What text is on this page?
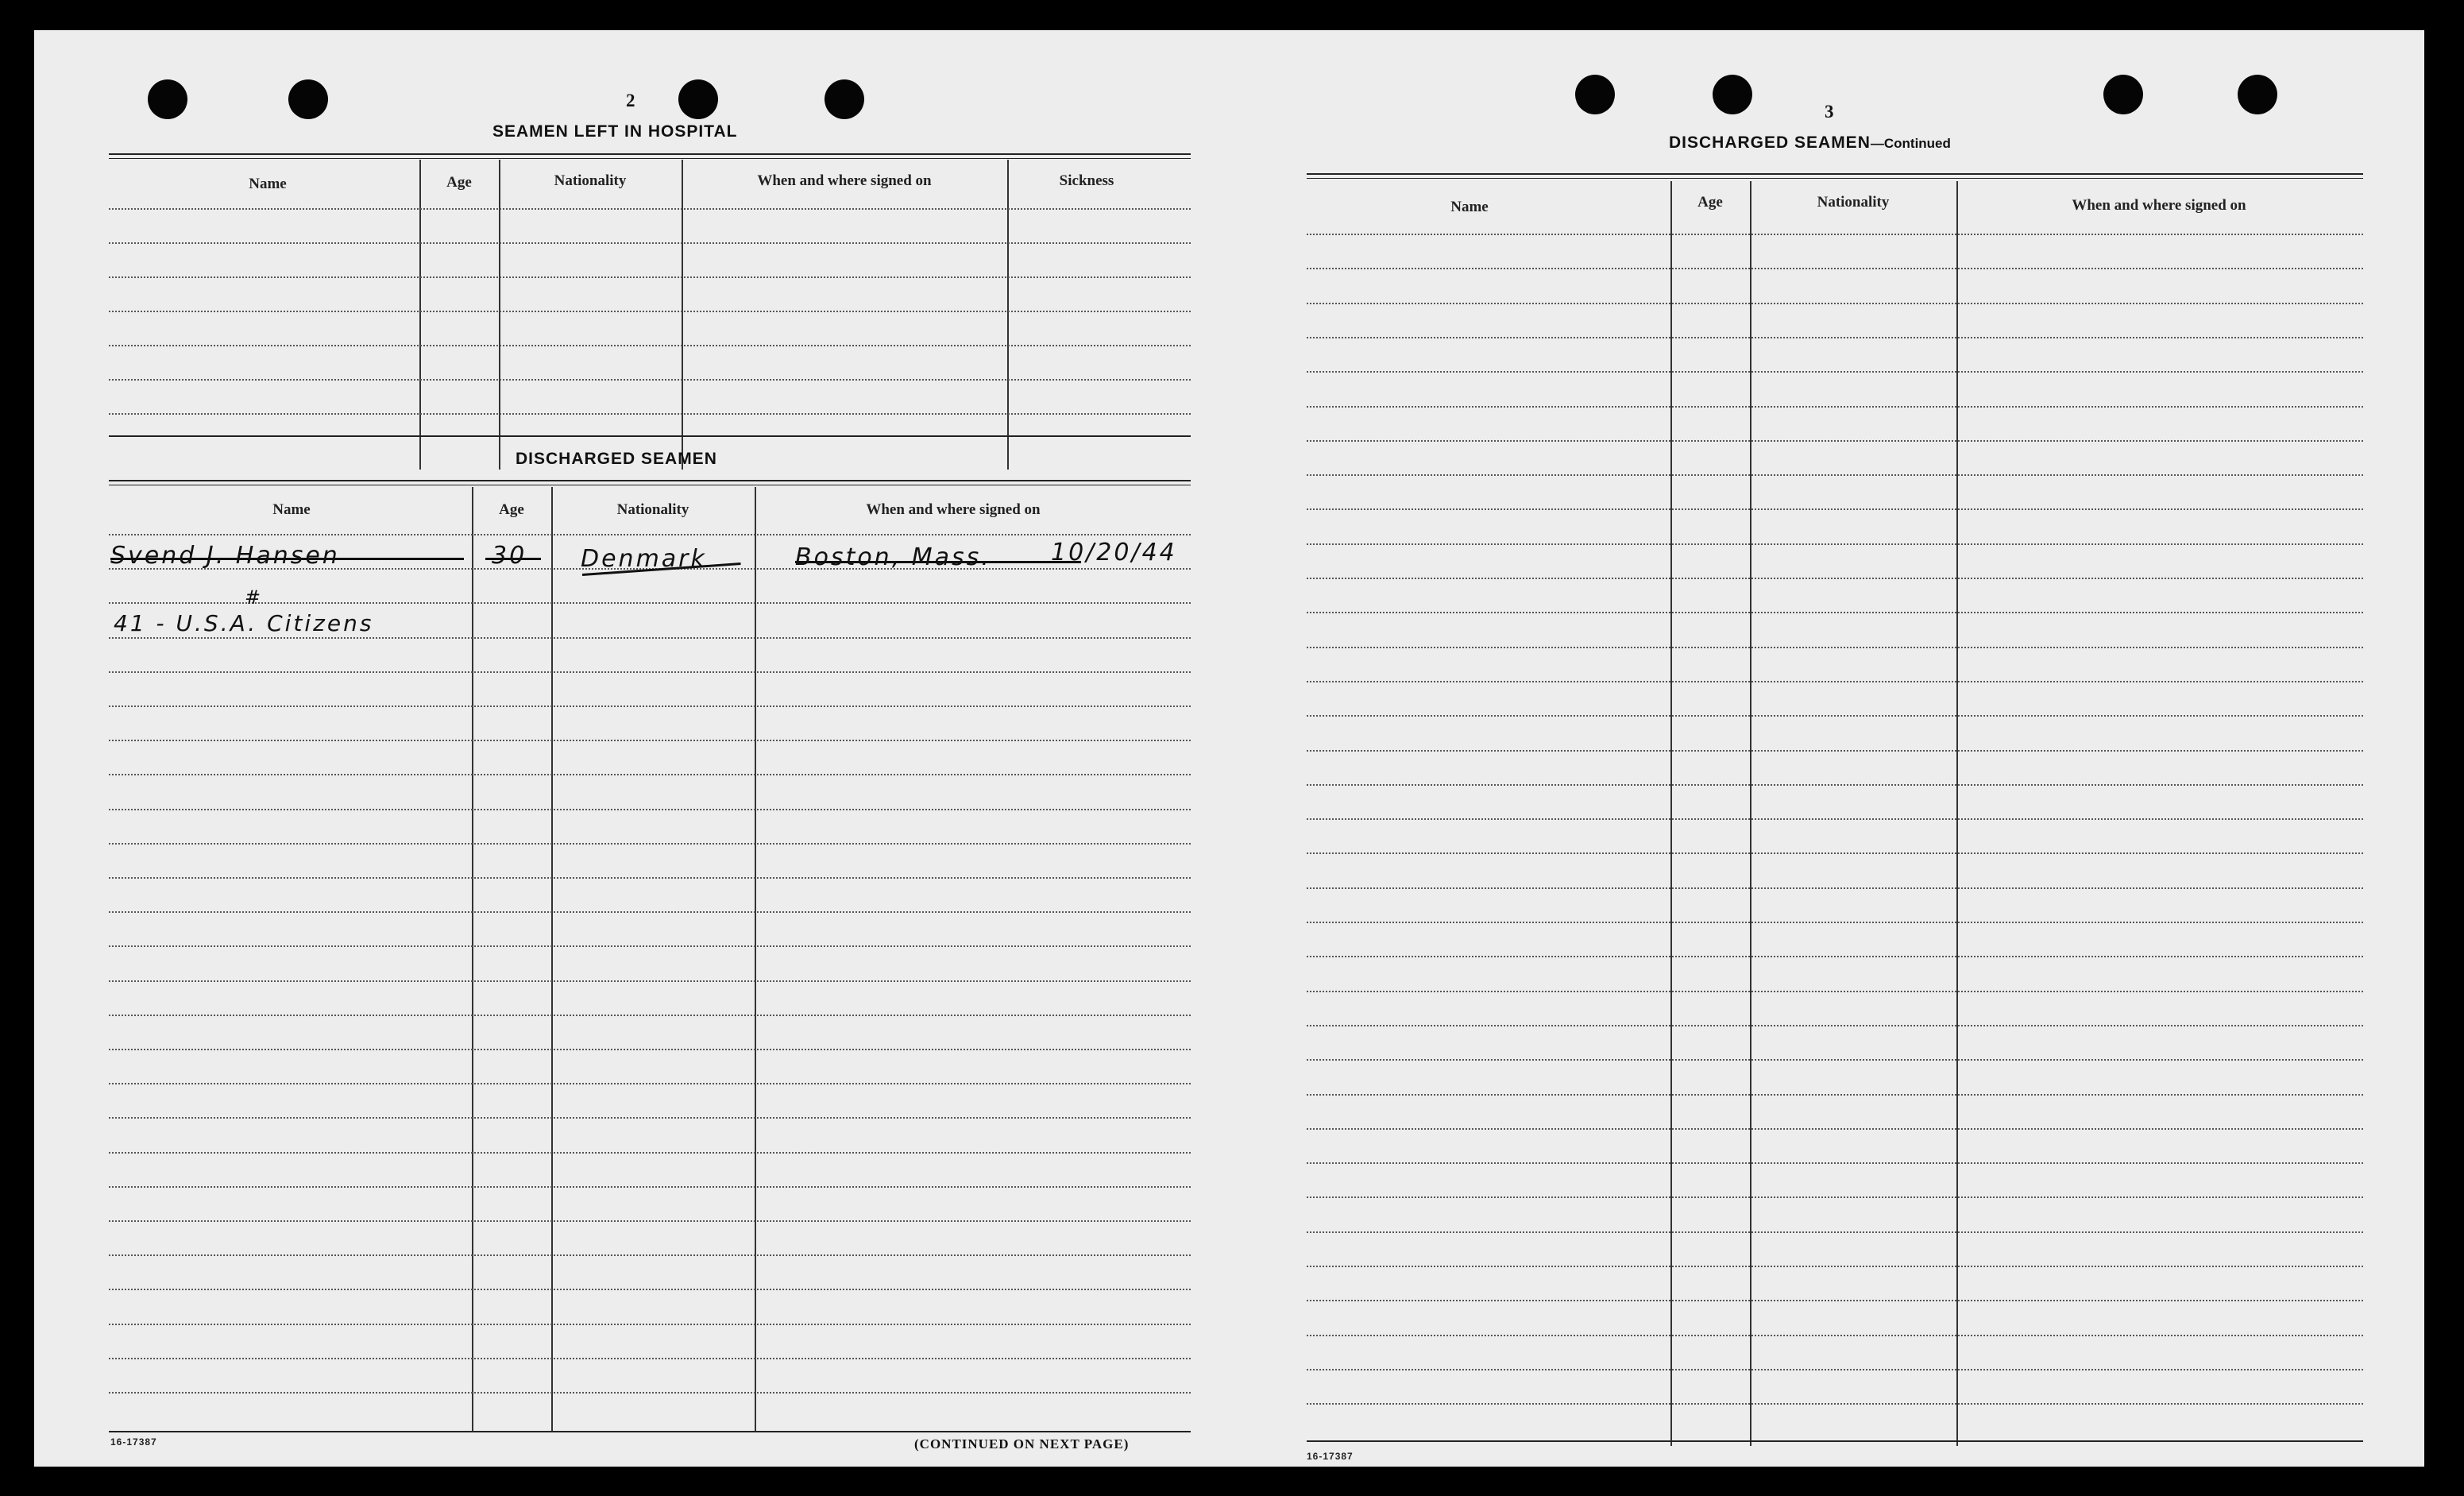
2
SEAMEN LEFT IN HOSPITAL
Name	Age	Nationality	When and where signed on	Sickness
DISCHARGED SEAMEN
Name	Age	Nationality	When and where signed on
Svend J. Hansen	30 Denmark	Boston, Mass.	10/20/44
#
41 - U.S.A. Citizens
16-17387	(CONTINUED ON NEXT PAGE)
3
DISCHARGED SEAMEN—Continued
Name	Age	Nationality	When and where signed on
16-17387
